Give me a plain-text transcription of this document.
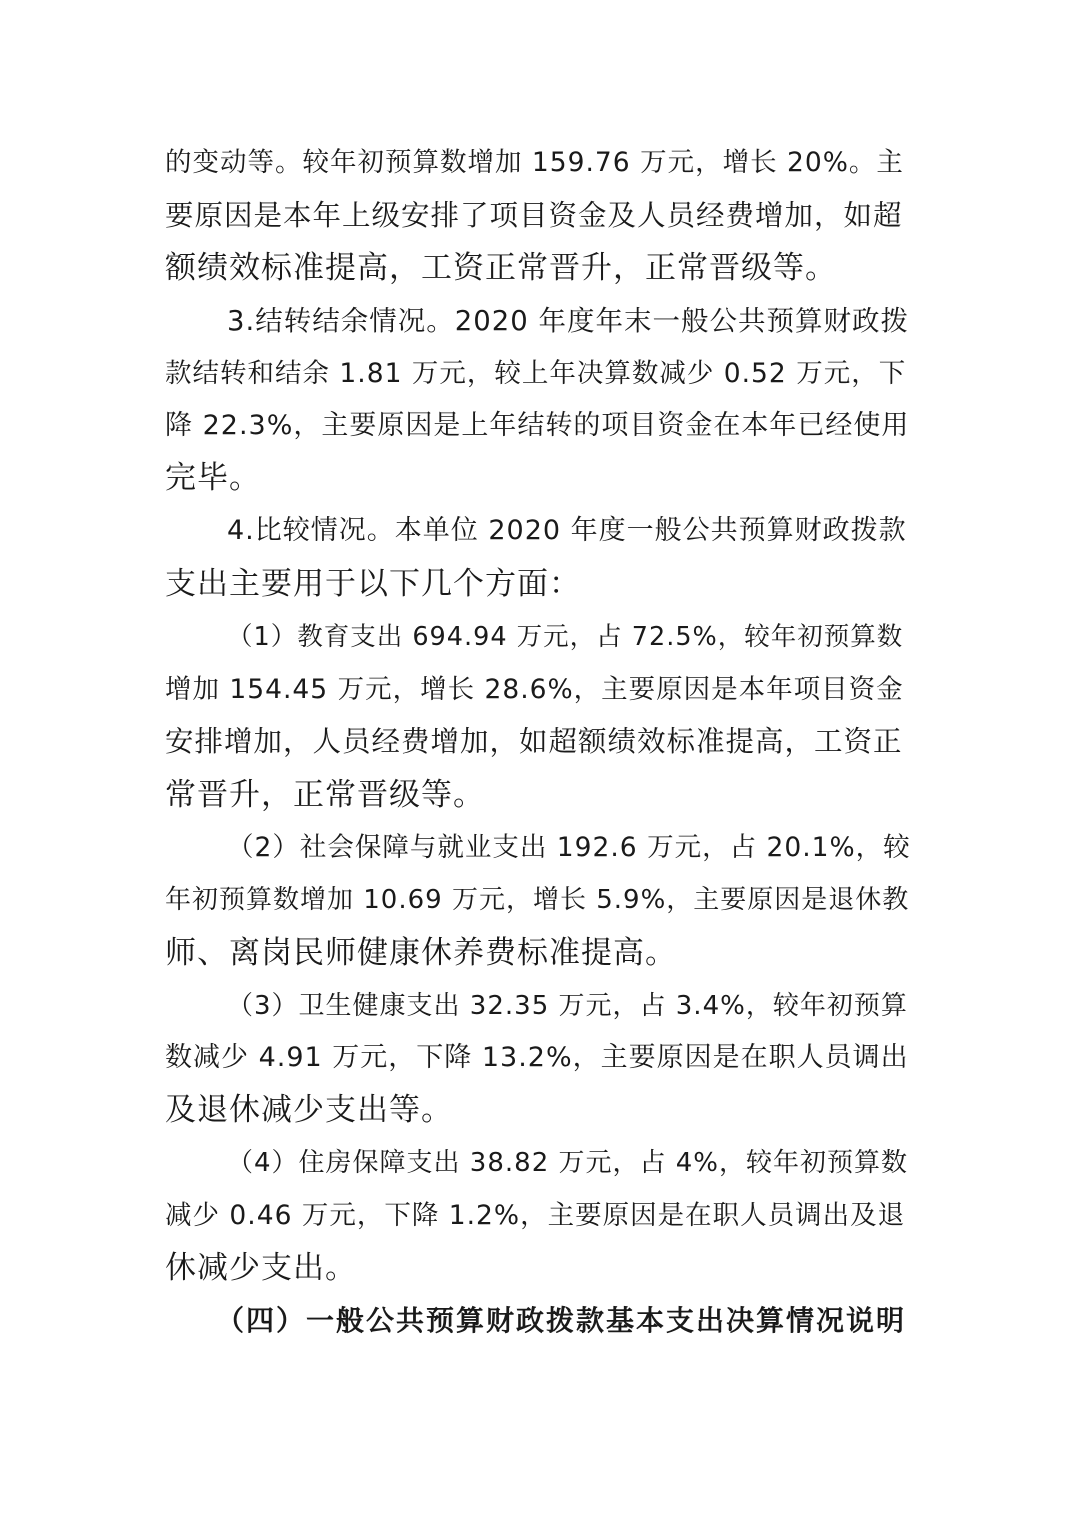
的变动等。较年初预算数增加 159.76 万元，增长 20%。主
要原因是本年上级安排了项目资金及人员经费增加，如超
额绩效标准提高，工资正常晋升，正常晋级等。
3.结转结余情况。2020 年度年末一般公共预算财政拨
款结转和结余 1.81 万元，较上年决算数减少 0.52 万元，下
降 22.3%，主要原因是上年结转的项目资金在本年已经使用
完毕。
4.比较情况。本单位 2020 年度一般公共预算财政拨款
支出主要用于以下几个方面：
（1）教育支出 694.94 万元，占 72.5%，较年初预算数
增加 154.45 万元，增长 28.6%，主要原因是本年项目资金
安排增加，人员经费增加，如超额绩效标准提高，工资正
常晋升，正常晋级等。
（2）社会保障与就业支出 192.6 万元，占 20.1%，较
年初预算数增加 10.69 万元，增长 5.9%，主要原因是退休教
师、离岗民师健康休养费标准提高。
（3）卫生健康支出 32.35 万元，占 3.4%，较年初预算
数减少 4.91 万元，下降 13.2%，主要原因是在职人员调出
及退休减少支出等。
（4）住房保障支出 38.82 万元，占 4%，较年初预算数
减少 0.46 万元，下降 1.2%，主要原因是在职人员调出及退
休减少支出。
（四）一般公共预算财政拨款基本支出决算情况说明
